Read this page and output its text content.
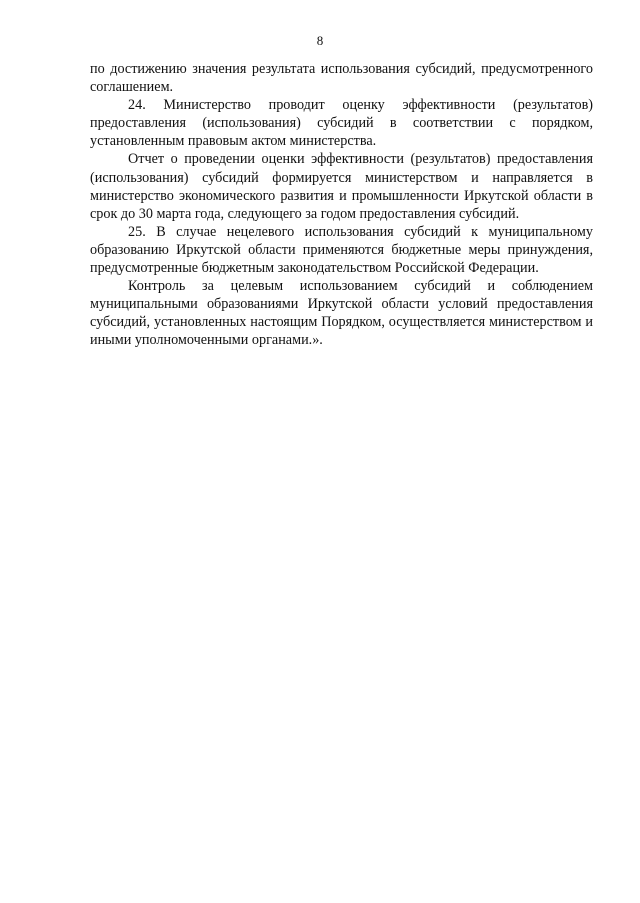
8

по достижению значения результата использования субсидий, предусмотренного соглашением.

24. Министерство проводит оценку эффективности (результатов) предоставления (использования) субсидий в соответствии с порядком, установленным правовым актом министерства.

Отчет о проведении оценки эффективности (результатов) предоставления (использования) субсидий формируется министерством и направляется в министерство экономического развития и промышленности Иркутской области в срок до 30 марта года, следующего за годом предоставления субсидий.

25. В случае нецелевого использования субсидий к муниципальному образованию Иркутской области применяются бюджетные меры принуждения, предусмотренные бюджетным законодательством Российской Федерации.

Контроль за целевым использованием субсидий и соблюдением муниципальными образованиями Иркутской области условий предоставления субсидий, установленных настоящим Порядком, осуществляется министерством и иными уполномоченными органами.».
